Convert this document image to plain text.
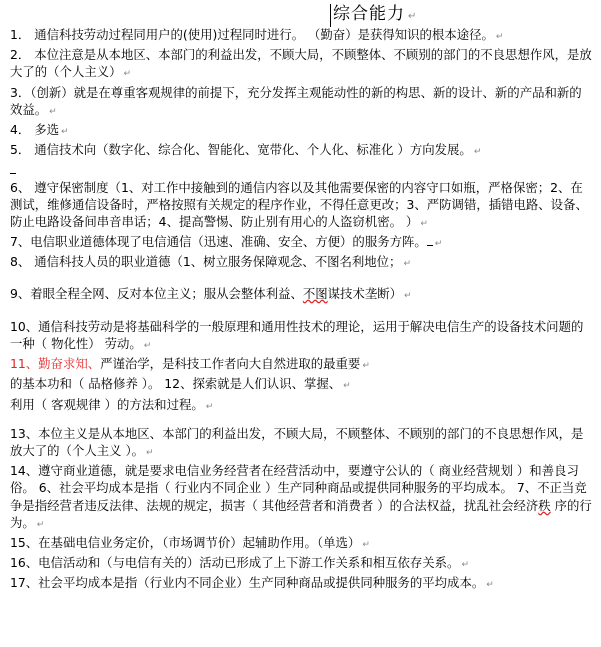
综合能力 ↵

1． 通信科技劳动过程同用户的(使用)过程同时进行。 （勤奋）是获得知识的根本途径。 ↵

2． 本位注意是从本地区、本部门的利益出发，不顾大局，不顾整体、不顾别的部门的不良思想作风，是放大了的（个人主义） ↵

3．（创新）就是在尊重客观规律的前提下，充分发挥主观能动性的新的构思、新的设计、新的产品和新的效益。 ↵

4． 多选 ↵

5． 通信技术向（数字化、综合化、智能化、宽带化、个人化、标准化 ）方向发展。 ↵

6、 遵守保密制度（1、对工作中接触到的通信内容以及其他需要保密的内容守口如瓶，严格保密；2、在测试，维修通信设备时，严格按照有关规定的程序作业，不得任意更改；3、严防调错，插错电路、设备、防止电路设备间串音串话；4、提高警惕、防止别有用心的人盗窃机密。 ） ↵

7、电信职业道德体现了电信通信（迅速、准确、安全、方便）的服务方阵。 ↵

8、 通信科技人员的职业道德（1、树立服务保障观念、不图名利地位； ↵

9、着眼全程全网、反对本位主义；服从会整体利益、不图谋技术垄断） ↵

10、通信科技劳动是将基础科学的一般原理和通用性技术的理论，运用于解决电信生产的设备技术问题的一种（ 物化性） 劳动。 ↵

11、勤奋求知、严谨治学，是科技工作者向大自然进取的最重要 ↵

的基本功和（ 品格修养 ）。 12、探索就是人们认识、掌握、 ↵

利用（ 客观规律 ）的方法和过程。 ↵

13、本位主义是从本地区、本部门的利益出发，不顾大局，不顾整体、不顾别的部门的不良思想作风，是放大了的（个人主义 ）。 ↵

14、遵守商业道德，就是要求电信业务经营者在经营活动中，要遵守公认的（ 商业经营规划 ）和善良习俗。 6、社会平均成本是指（ 行业内不同企业 ）生产同种商品或提供同种服务的平均成本。 7、不正当竞争是指经营者违反法律、法规的规定，损害（ 其他经营者和消费者 ）的合法权益，扰乱社会经济秩 序的行为。 ↵

15、在基础电信业务定价，（市场调节价）起辅助作用。（单选） ↵

16、电信活动和（与电信有关的）活动已形成了上下游工作关系和相互依存关系。 ↵

17、社会平均成本是指（行业内不同企业）生产同种商品或提供同种服务的平均成本。 ↵
